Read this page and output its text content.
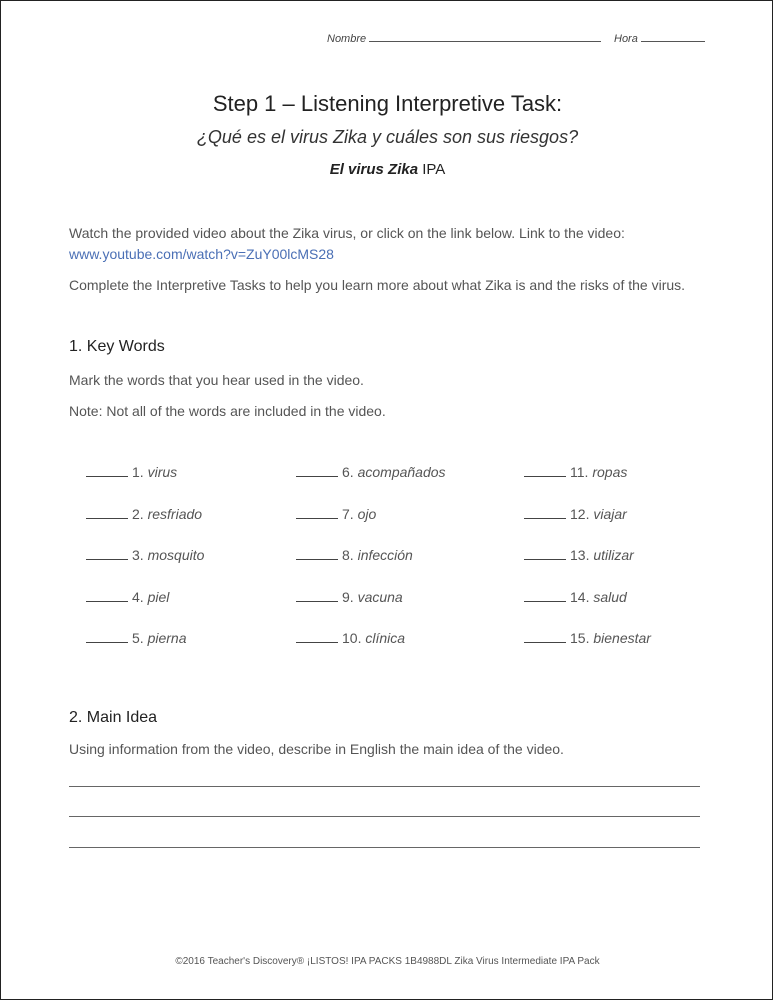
Nombre	Hora
Step 1 – Listening Interpretive Task:
¿Qué es el virus Zika y cuáles son sus riesgos?
El virus Zika IPA
Watch the provided video about the Zika virus, or click on the link below. Link to the video: www.youtube.com/watch?v=ZuY00lcMS28
Complete the Interpretive Tasks to help you learn more about what Zika is and the risks of the virus.
1. Key Words
Mark the words that you hear used in the video.
Note: Not all of the words are included in the video.
1. virus
2. resfriado
3. mosquito
4. piel
5. pierna
6. acompañados
7. ojo
8. infección
9. vacuna
10. clínica
11. ropas
12. viajar
13. utilizar
14. salud
15. bienestar
2. Main Idea
Using information from the video, describe in English the main idea of the video.
©2016 Teacher's Discovery® ¡LISTOS! IPA PACKS 1B4988DL Zika Virus Intermediate IPA Pack
